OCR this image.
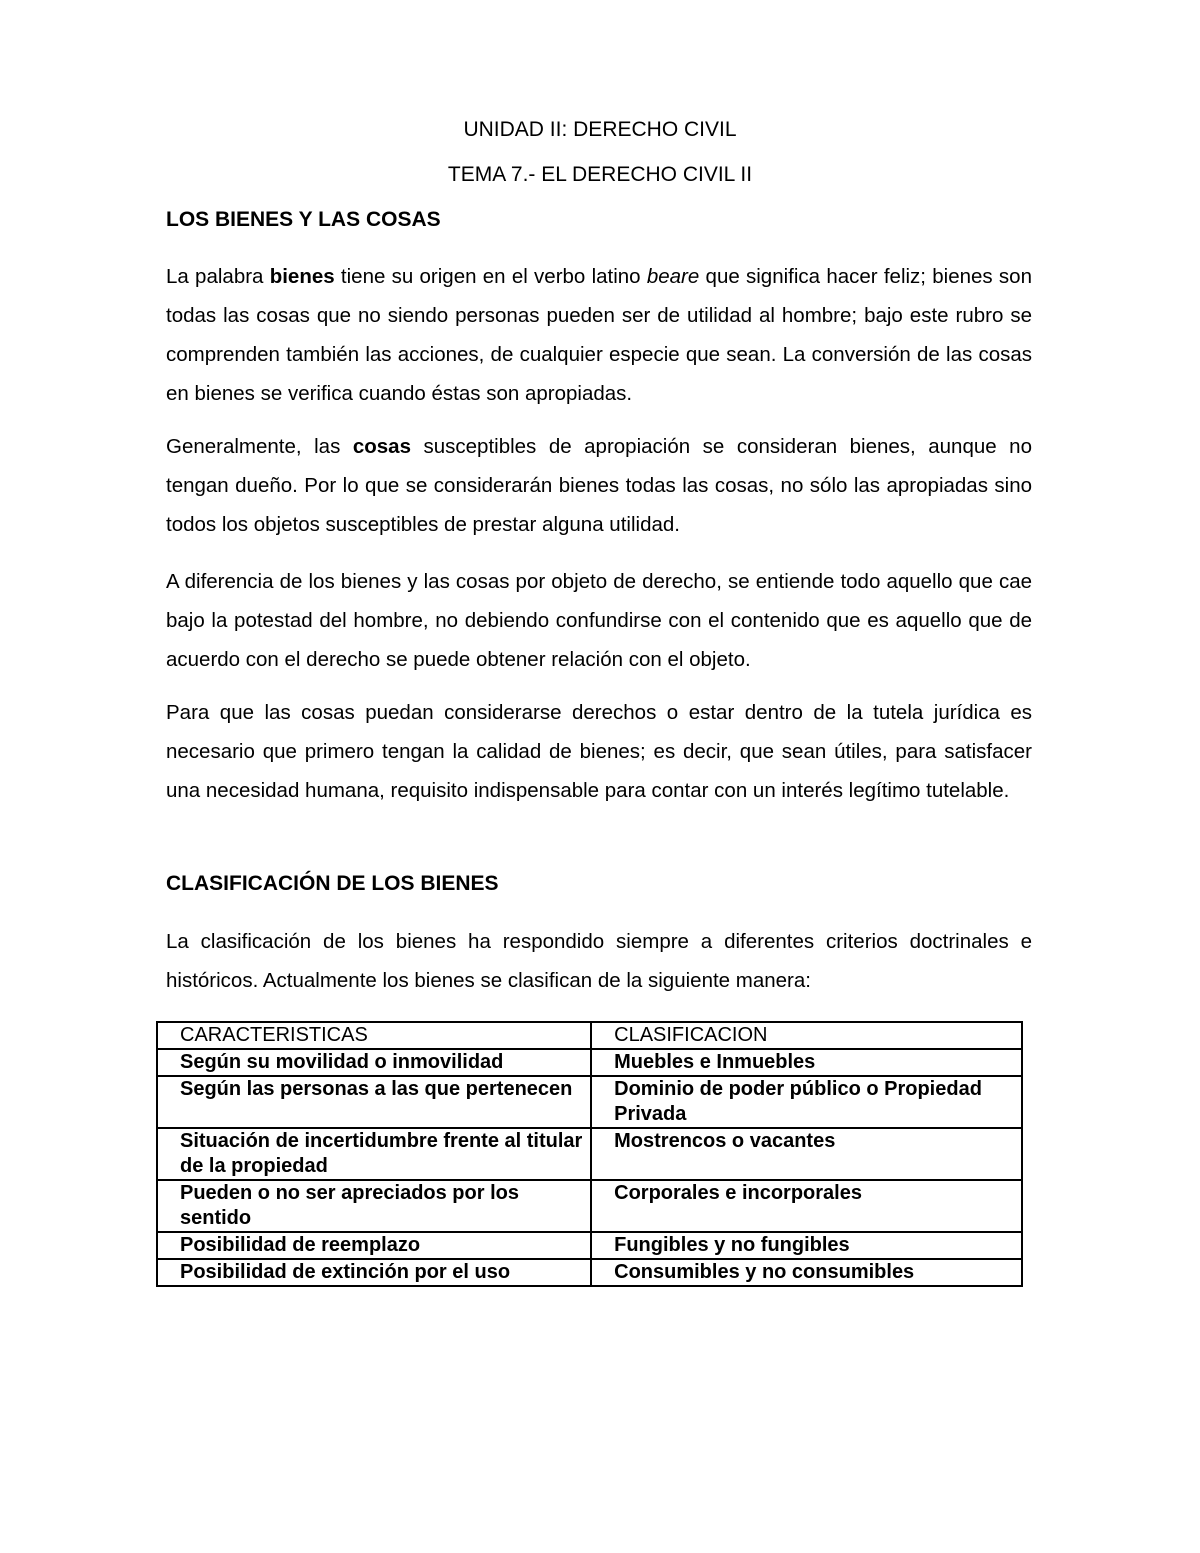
UNIDAD II: DERECHO CIVIL
TEMA 7.- EL DERECHO CIVIL II
LOS BIENES Y LAS COSAS

La palabra bienes tiene su origen en el verbo latino beare que significa hacer feliz; bienes son todas las cosas que no siendo personas pueden ser de utilidad al hombre; bajo este rubro se comprenden también las acciones, de cualquier especie que sean. La conversión de las cosas en bienes se verifica cuando éstas son apropiadas.

Generalmente, las cosas susceptibles de apropiación se consideran bienes, aunque no tengan dueño. Por lo que se considerarán bienes todas las cosas, no sólo las apropiadas sino todos los objetos susceptibles de prestar alguna utilidad.

A diferencia de los bienes y las cosas por objeto de derecho, se entiende todo aquello que cae bajo la potestad del hombre, no debiendo confundirse con el contenido que es aquello que de acuerdo con el derecho se puede obtener relación con el objeto.

Para que las cosas puedan considerarse derechos o estar dentro de la tutela jurídica es necesario que primero tengan la calidad de bienes; es decir, que sean útiles, para satisfacer una necesidad humana, requisito indispensable para contar con un interés legítimo tutelable.

CLASIFICACIÓN DE LOS BIENES

La clasificación de los bienes ha respondido siempre a diferentes criterios doctrinales e históricos. Actualmente los bienes se clasifican de la siguiente manera:

CARACTERISTICAS	CLASIFICACION
Según su movilidad o inmovilidad	Muebles e Inmuebles
Según las personas a las que pertenecen	Dominio de poder público o Propiedad Privada
Situación de incertidumbre frente al titular de la propiedad	Mostrencos o vacantes
Pueden o no ser apreciados por los sentido	Corporales e incorporales
Posibilidad de reemplazo	Fungibles y no fungibles
Posibilidad de extinción por el uso	Consumibles y no consumibles
